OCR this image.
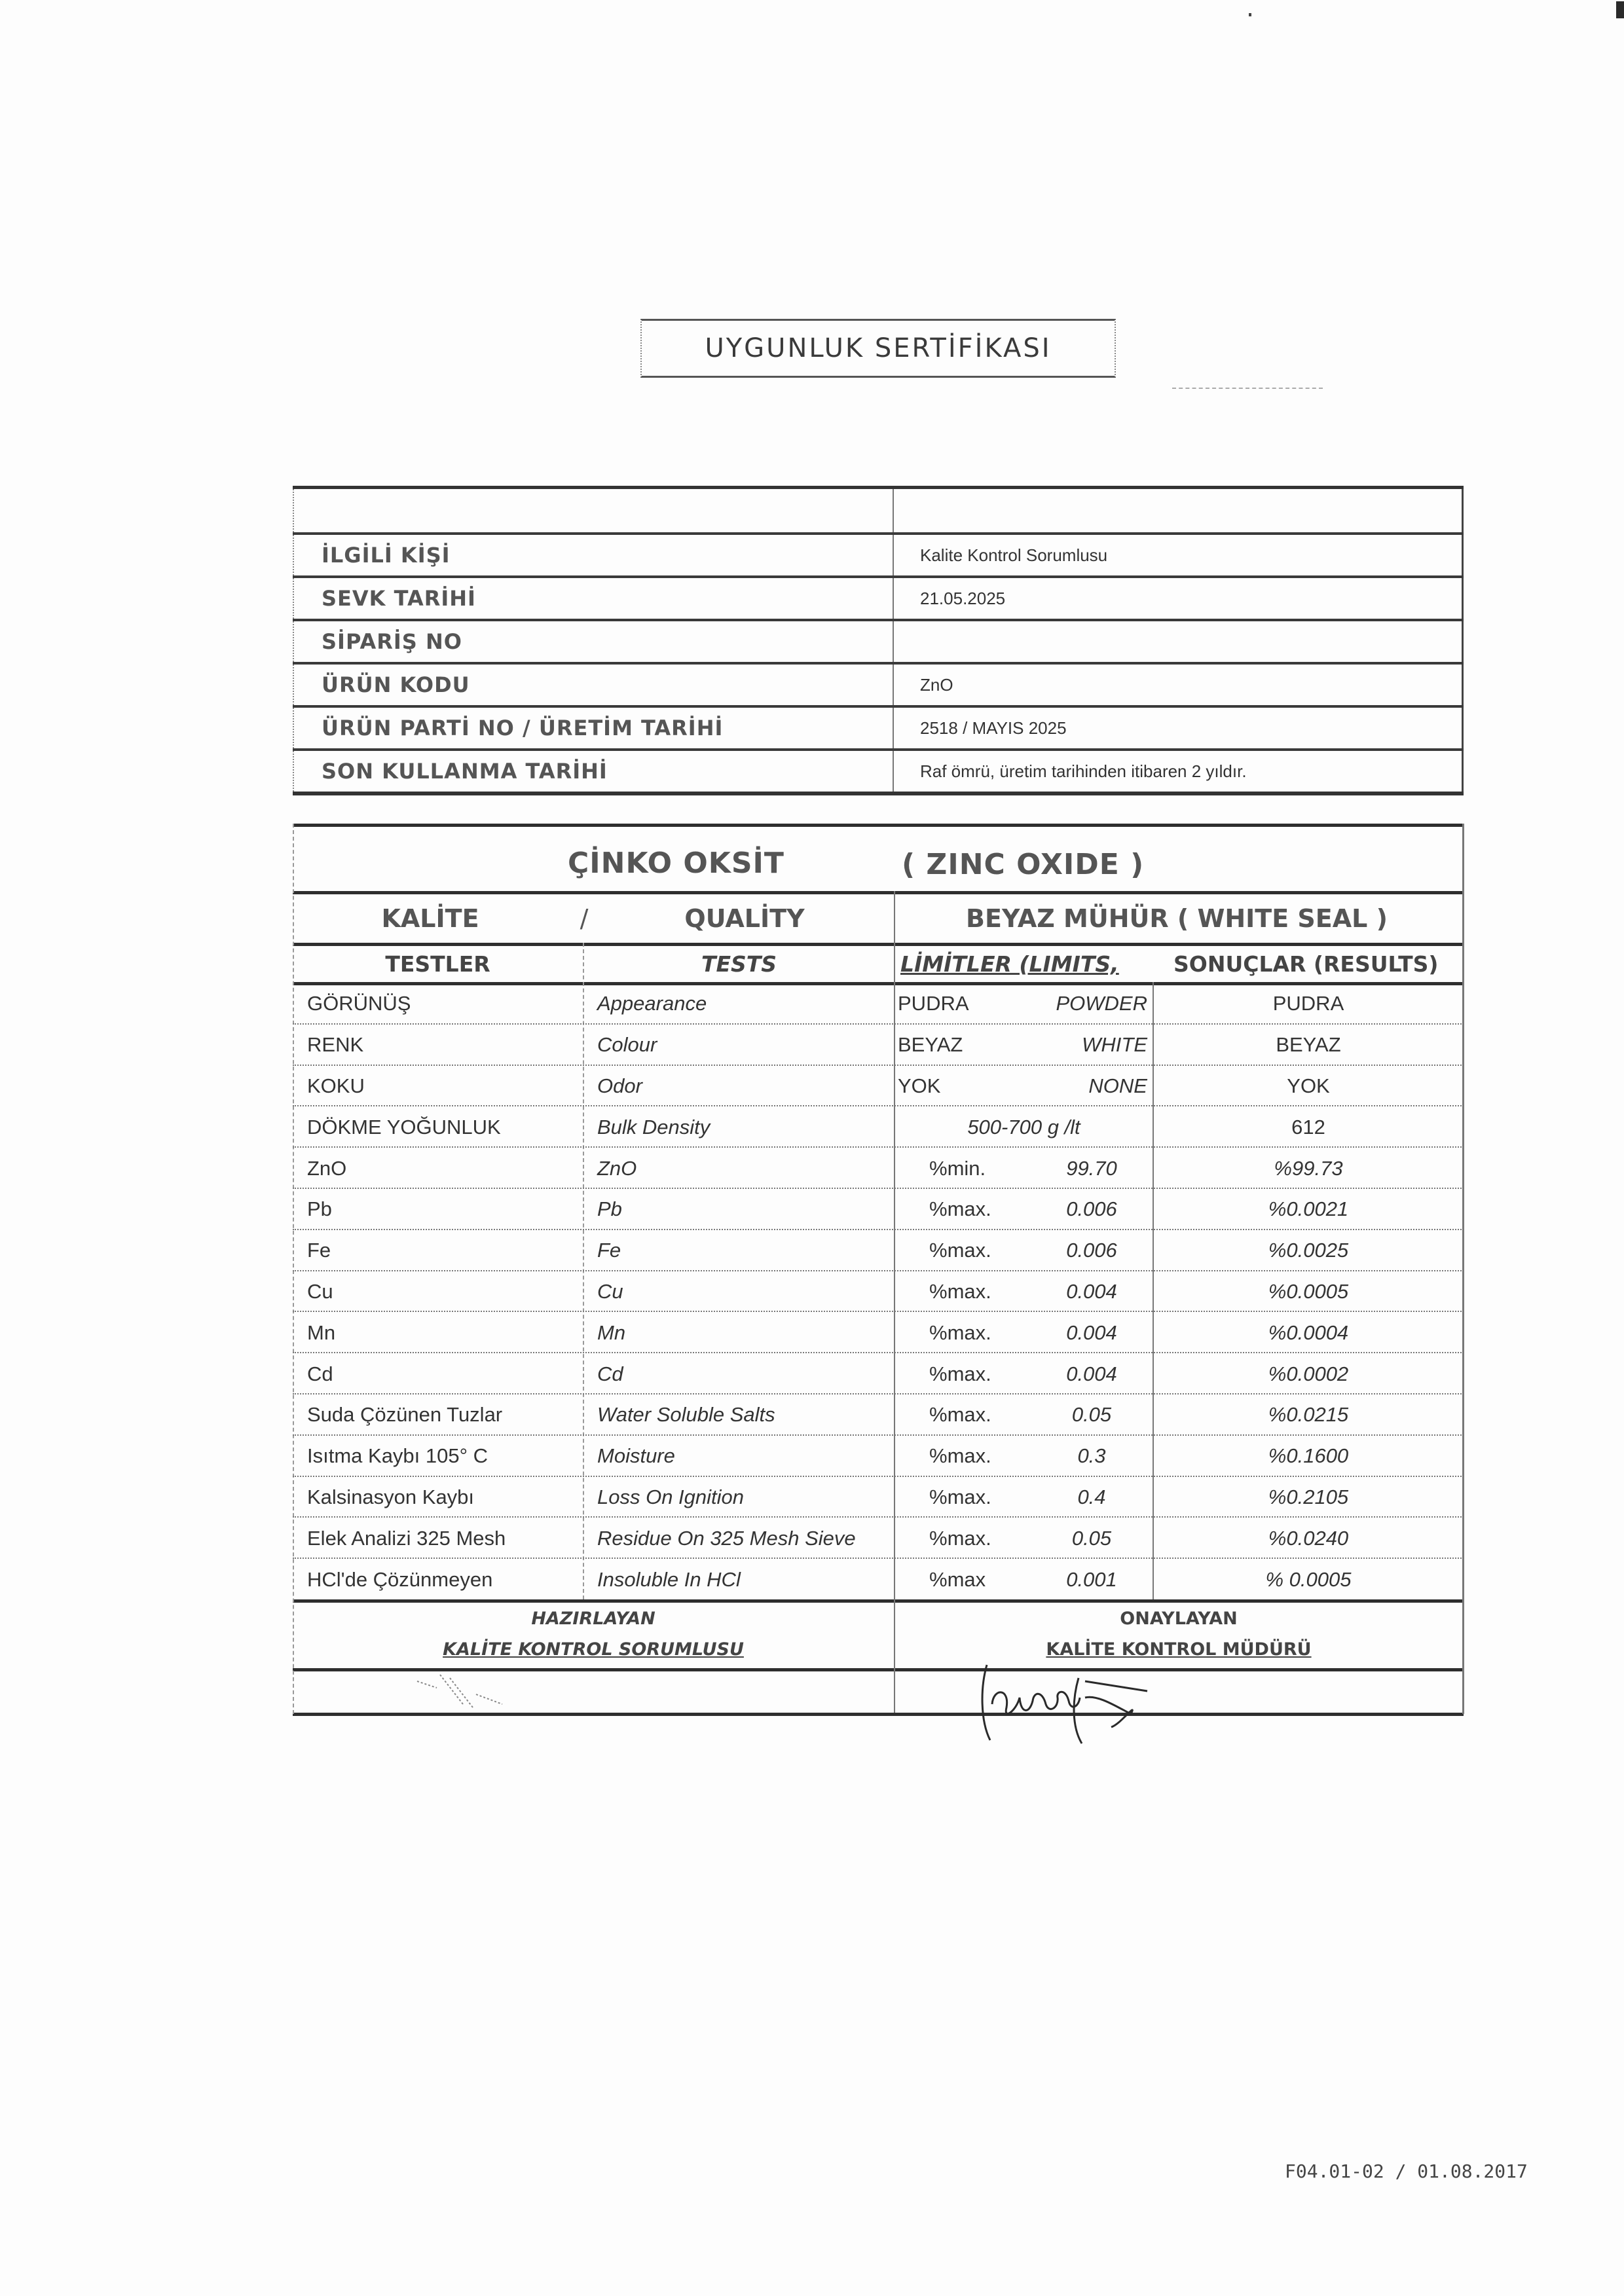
UYGUNLUK SERTİFİKASI

İLGİLİ KİŞİ	Kalite Kontrol Sorumlusu
SEVK TARİHİ	21.05.2025
SİPARİŞ NO	
ÜRÜN KODU	ZnO
ÜRÜN PARTİ NO / ÜRETİM TARİHİ	2518 / MAYIS 2025
SON KULLANMA TARİHİ	Raf ömrü, üretim tarihinden itibaren 2 yıldır.
ÇİNKO OKSİT	( ZINC OXIDE )
KALİTE	/	QUALİTY	BEYAZ MÜHÜR ( WHITE SEAL )
TESTLER	TESTS	LİMİTLER (LIMITS,	SONUÇLAR (RESULTS)
GÖRÜNÜŞ	Appearance	PUDRA	POWDER	PUDRA
RENK	Colour	BEYAZ	WHITE	BEYAZ
KOKU	Odor	YOK	NONE	YOK
DÖKME YOĞUNLUK	Bulk Density	500-700 g /lt	612
ZnO	ZnO	%min.	99.70	%99.73
Pb	Pb	%max.	0.006	%0.0021
Fe	Fe	%max.	0.006	%0.0025
Cu	Cu	%max.	0.004	%0.0005
Mn	Mn	%max.	0.004	%0.0004
Cd	Cd	%max.	0.004	%0.0002
Suda Çözünen Tuzlar	Water Soluble Salts	%max.	0.05	%0.0215
Isıtma Kaybı 105° C	Moisture	%max.	0.3	%0.1600
Kalsinasyon Kaybı	Loss On Ignition	%max.	0.4	%0.2105
Elek Analizi 325 Mesh	Residue On 325 Mesh Sieve	%max.	0.05	%0.0240
HCl'de Çözünmeyen	Insoluble In HCl	%max	0.001	% 0.0005
HAZIRLAYAN
KALİTE KONTROL SORUMLUSU
ONAYLAYAN
KALİTE KONTROL MÜDÜRÜ
F04.01-02 / 01.08.2017
